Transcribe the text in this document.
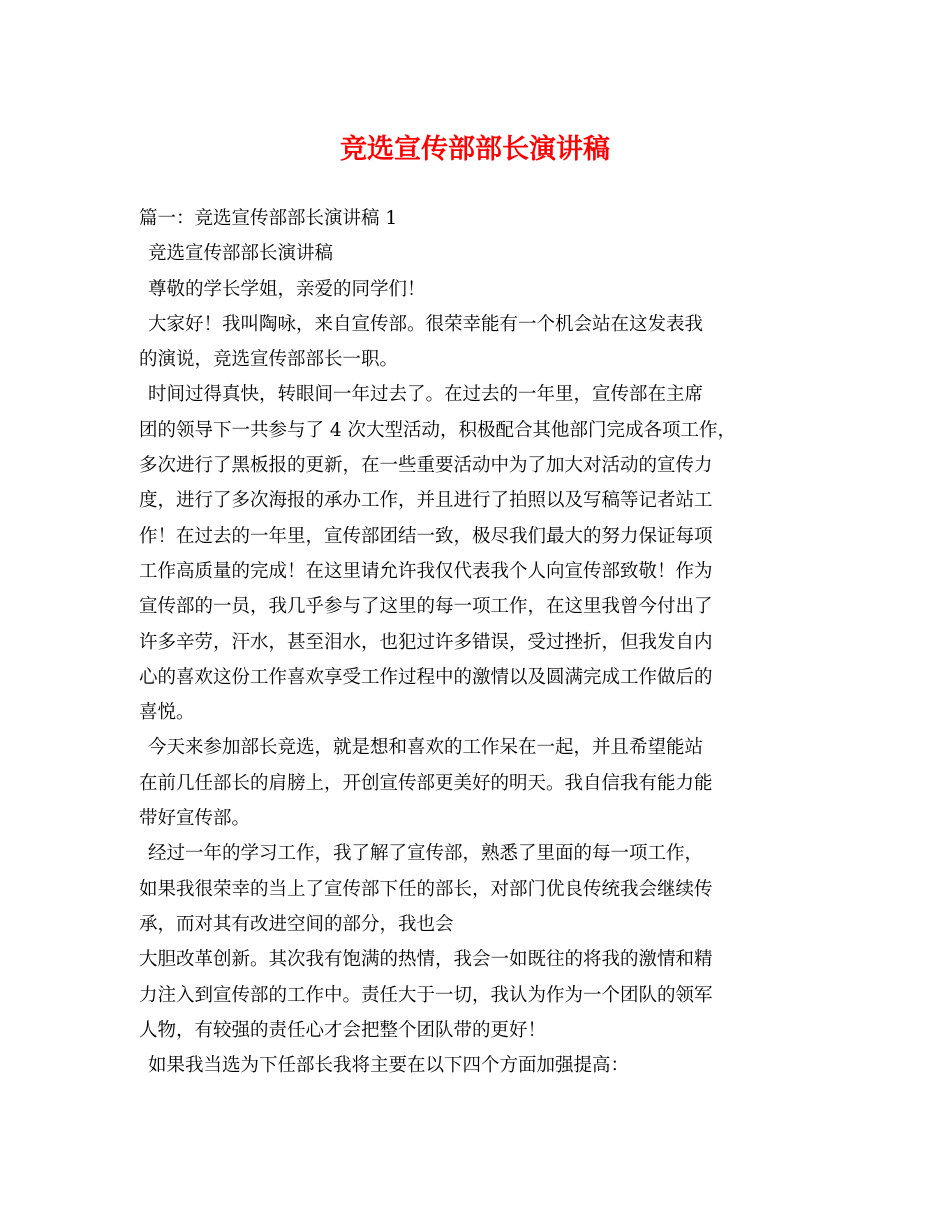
竞选宣传部部长演讲稿
篇一：竞选宣传部部长演讲稿 1
竞选宣传部部长演讲稿
尊敬的学长学姐，亲爱的同学们！
大家好！我叫陶咏，来自宣传部。很荣幸能有一个机会站在这发表我
的演说，竞选宣传部部长一职。
时间过得真快，转眼间一年过去了。在过去的一年里，宣传部在主席
团的领导下一共参与了 4 次大型活动，积极配合其他部门完成各项工作，
多次进行了黑板报的更新，在一些重要活动中为了加大对活动的宣传力
度，进行了多次海报的承办工作，并且进行了拍照以及写稿等记者站工
作！在过去的一年里，宣传部团结一致，极尽我们最大的努力保证每项
工作高质量的完成！在这里请允许我仅代表我个人向宣传部致敬！作为
宣传部的一员，我几乎参与了这里的每一项工作，在这里我曾今付出了
许多辛劳，汗水，甚至泪水，也犯过许多错误，受过挫折，但我发自内
心的喜欢这份工作喜欢享受工作过程中的激情以及圆满完成工作做后的
喜悦。
今天来参加部长竞选，就是想和喜欢的工作呆在一起，并且希望能站
在前几任部长的肩膀上，开创宣传部更美好的明天。我自信我有能力能
带好宣传部。
经过一年的学习工作，我了解了宣传部，熟悉了里面的每一项工作，
如果我很荣幸的当上了宣传部下任的部长，对部门优良传统我会继续传
承，而对其有改进空间的部分，我也会
大胆改革创新。其次我有饱满的热情，我会一如既往的将我的激情和精
力注入到宣传部的工作中。责任大于一切，我认为作为一个团队的领军
人物，有较强的责任心才会把整个团队带的更好！
如果我当选为下任部长我将主要在以下四个方面加强提高：
